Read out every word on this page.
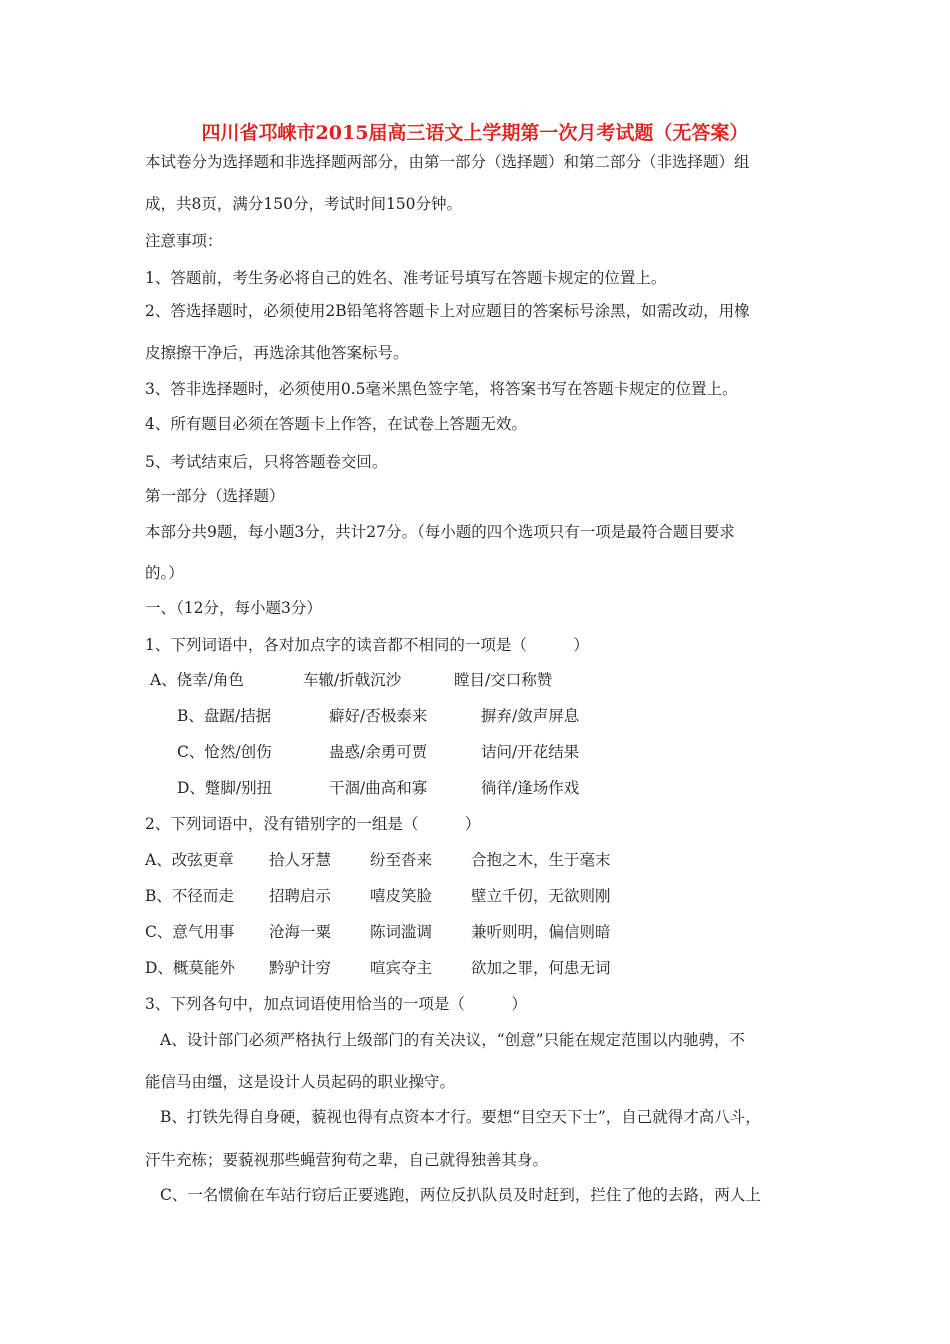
四川省邛崃市2015届高三语文上学期第一次月考试题（无答案）
本试卷分为选择题和非选择题两部分，由第一部分（选择题）和第二部分（非选择题）组
成，共8页，满分150分，考试时间150分钟。
注意事项：
1、答题前，考生务必将自己的姓名、准考证号填写在答题卡规定的位置上。
2、答选择题时，必须使用2B铅笔将答题卡上对应题目的答案标号涂黑，如需改动，用橡
皮擦擦干净后，再选涂其他答案标号。
3、答非选择题时，必须使用0.5毫米黑色签字笔，将答案书写在答题卡规定的位置上。
4、所有题目必须在答题卡上作答，在试卷上答题无效。
5、考试结束后，只将答题卷交回。
第一部分（选择题）
本部分共9题，每小题3分，共计27分。（每小题的四个选项只有一项是最符合题目要求
的。）
一、（12分，每小题3分）
1、下列词语中，各对加点字的读音都不相同的一项是（　　　）
A、侥幸/角色	车辙/折戟沉沙	瞠目/交口称赞
B、盘踞/拮据	癖好/否极泰来	摒弃/敛声屏息
C、怆然/创伤	蛊惑/余勇可贾	诘问/开花结果
D、蹩脚/别扭	干涸/曲高和寡	徜徉/逢场作戏
2、下列词语中，没有错别字的一组是（　　　）
A、改弦更章 拾人牙慧	纷至沓来	合抱之木，生于毫末
B、不径而走 招聘启示	嘻皮笑脸	壁立千仞，无欲则刚
C、意气用事 沧海一粟	陈词滥调	兼听则明，偏信则暗
D、概莫能外 黔驴计穷	喧宾夺主	欲加之罪，何患无词
3、下列各句中，加点词语使用恰当的一项是（　　　）
A、设计部门必须严格执行上级部门的有关决议，“创意”只能在规定范围以内驰骋，不
能信马由缰，这是设计人员起码的职业操守。
B、打铁先得自身硬，藐视也得有点资本才行。要想“目空天下士”，自己就得才高八斗，
汗牛充栋；要藐视那些蝇营狗苟之辈，自己就得独善其身。
C、一名惯偷在车站行窃后正要逃跑，两位反扒队员及时赶到，拦住了他的去路，两人上
